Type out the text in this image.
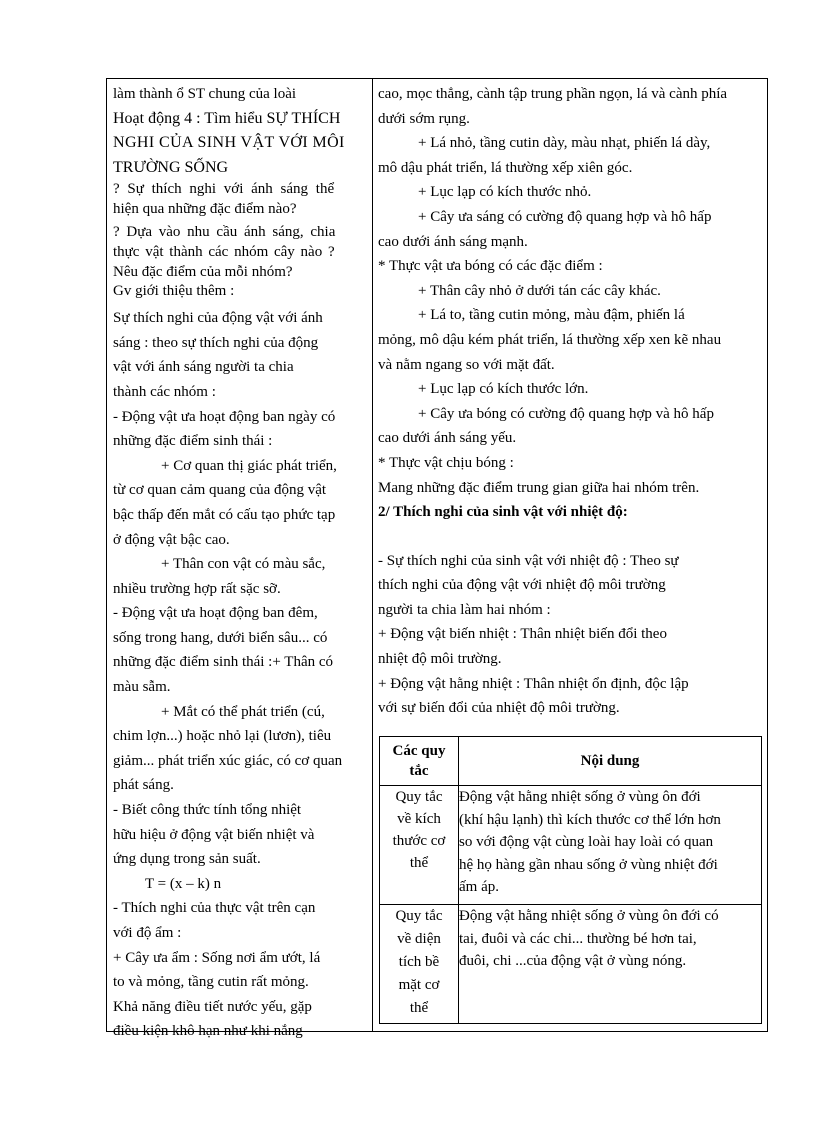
làm thành ổ ST chung của loài
Hoạt động 4 : Tìm hiểu SỰ THÍCH
NGHI CỦA SINH VẬT VỚI MÔI
TRƯỜNG SỐNG
? Sự thích nghi với ánh sáng thể
hiện qua những đặc điểm nào?
? Dựa vào nhu cầu ánh sáng, chia
thực vật thành các nhóm cây nào ?
Nêu đặc điểm của mỗi nhóm?
Gv giới thiệu thêm :
Sự thích nghi của động vật với ánh
sáng : theo sự thích nghi của động
vật với ánh sáng người ta chia
thành các nhóm :
- Động vật ưa hoạt động ban ngày có
những đặc điểm sinh thái :
+ Cơ quan thị giác phát triển,
từ cơ quan cảm quang của động vật
bậc thấp đến mắt có cấu tạo phức tạp
ở động vật bậc cao.
+ Thân con vật có màu sắc,
nhiều trường hợp rất sặc sỡ.
- Động vật ưa hoạt động ban đêm,
sống trong hang, dưới biển sâu... có
những đặc điểm sinh thái :+ Thân có
màu sẫm.
+ Mắt có thể phát triển (cú,
chim lợn...) hoặc nhỏ lại (lươn), tiêu
giảm... phát triển xúc giác, có cơ quan
phát sáng.
- Biết công thức tính tổng nhiệt
hữu hiệu ở động vật biến nhiệt và
ứng dụng trong sản suất.
T = (x – k) n
- Thích nghi của thực vật trên cạn
với độ ẩm :
+ Cây ưa ẩm : Sống nơi ẩm ướt, lá
to và mỏng, tầng cutin rất mỏng.
Khả năng điều tiết nước yếu, gặp
điều kiện khô hạn như khi nắng
cao, mọc thẳng, cành tập trung phần ngọn, lá và cành phía
dưới sớm rụng.
+ Lá nhỏ, tầng cutin dày, màu nhạt, phiến lá dày,
mô dậu phát triển, lá thường xếp xiên góc.
+ Lục lạp có kích thước nhỏ.
+ Cây ưa sáng có cường độ quang hợp và hô hấp
cao dưới ánh sáng mạnh.
* Thực vật ưa bóng có các đặc điểm :
+ Thân cây nhỏ ở dưới tán các cây khác.
+ Lá to, tầng cutin mỏng, màu đậm, phiến lá
mỏng, mô dậu kém phát triển, lá thường xếp xen kẽ nhau
và nằm ngang so với mặt đất.
+ Lục lạp có kích thước lớn.
+ Cây ưa bóng có cường độ quang hợp và hô hấp
cao dưới ánh sáng yếu.
* Thực vật chịu bóng :
Mang những đặc điểm trung gian giữa hai nhóm trên.
2/ Thích nghi của sinh vật với nhiệt độ:
- Sự thích nghi của sinh vật với nhiệt độ : Theo sự
thích nghi của động vật với nhiệt độ môi trường
người ta chia làm hai nhóm :
+ Động vật biến nhiệt : Thân nhiệt biến đổi theo
nhiệt độ môi trường.
+ Động vật hằng nhiệt : Thân nhiệt ổn định, độc lập
với sự biến đổi của nhiệt độ môi trường.
Các quy
tắc	Nội dung

Quy tắc
về kích
thước cơ
thể	Động vật hằng nhiệt sống ở vùng ôn đới
(khí hậu lạnh) thì kích thước cơ thể lớn hơn
so với động vật cùng loài hay loài có quan
hệ họ hàng gần nhau sống ở vùng nhiệt đới
ấm áp.

Quy tắc
về diện
tích bề
mặt cơ
thể	Động vật hằng nhiệt sống ở vùng ôn đới có
tai, đuôi và các chi... thường bé hơn tai,
đuôi, chi ...của động vật ở vùng nóng.
